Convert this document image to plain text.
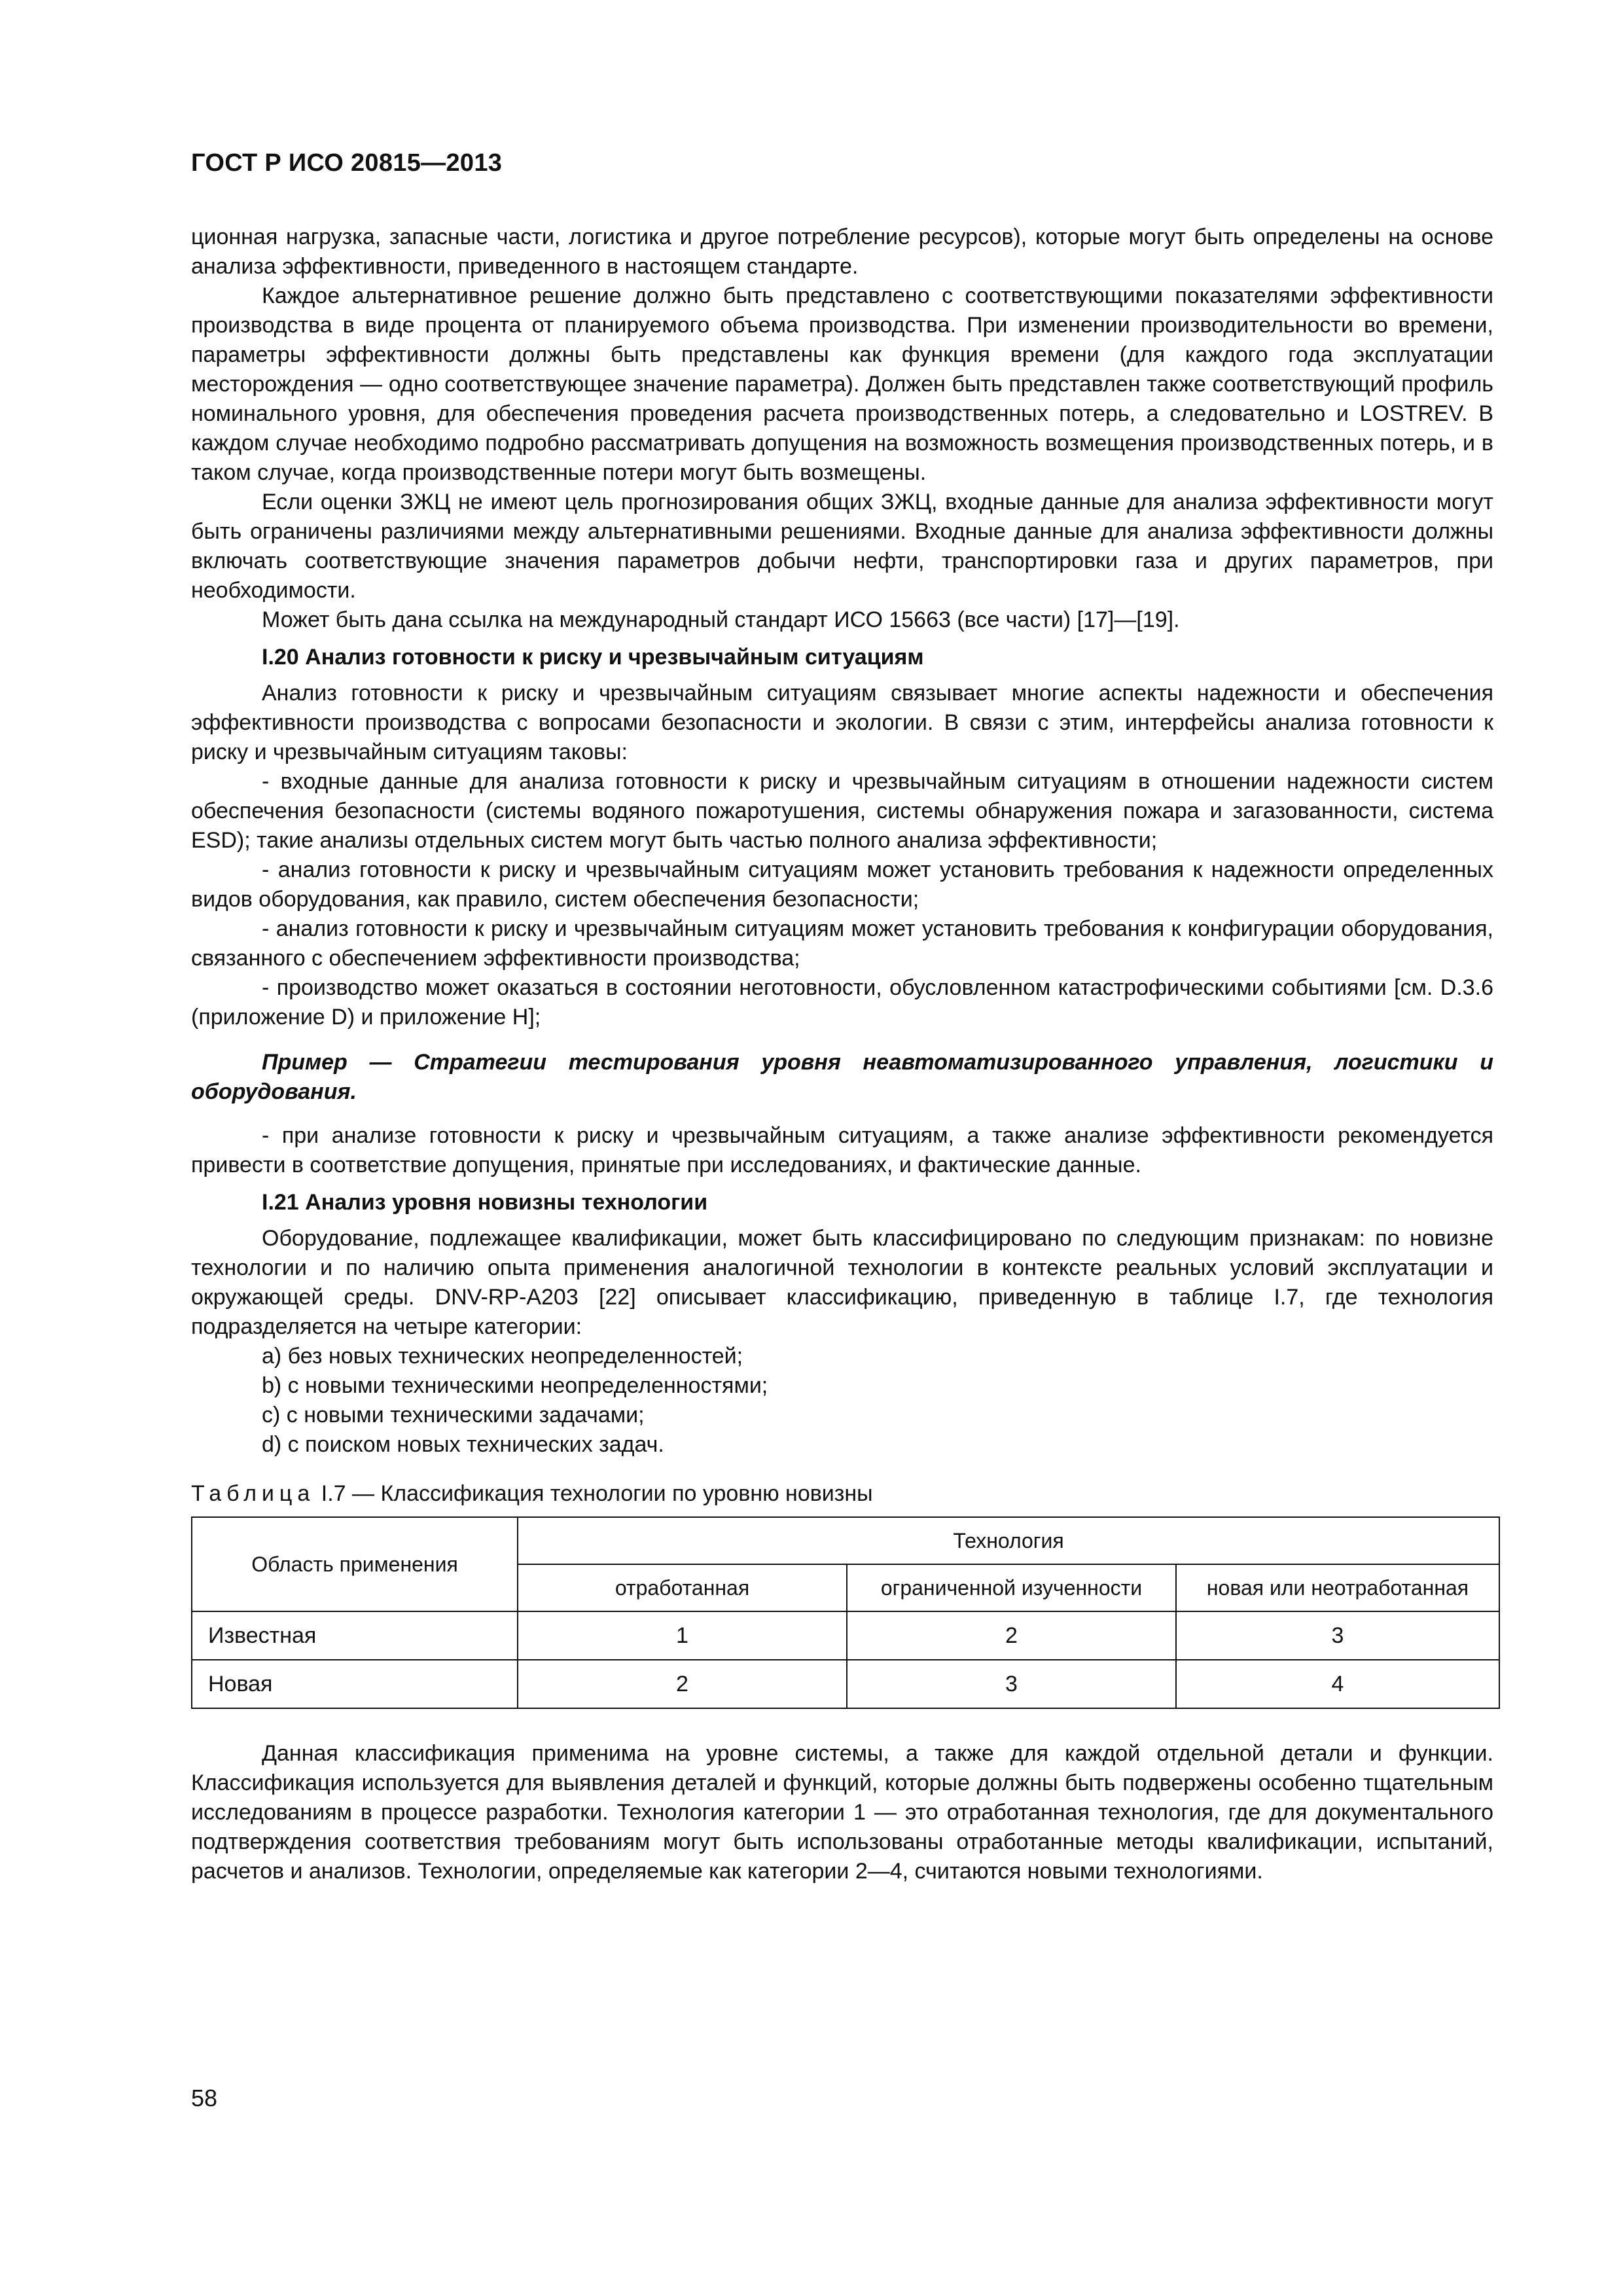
ГОСТ Р ИСО 20815—2013

ционная нагрузка, запасные части, логистика и другое потребление ресурсов), которые могут быть определены на основе анализа эффективности, приведенного в настоящем стандарте.

Каждое альтернативное решение должно быть представлено с соответствующими показателями эффективности производства в виде процента от планируемого объема производства. При изменении производительности во времени, параметры эффективности должны быть представлены как функция времени (для каждого года эксплуатации месторождения — одно соответствующее значение параметра). Должен быть представлен также соответствующий профиль номинального уровня, для обеспечения проведения расчета производственных потерь, а следовательно и LOSTREV. В каждом случае необходимо подробно рассматривать допущения на возможность возмещения производственных потерь, и в таком случае, когда производственные потери могут быть возмещены.

Если оценки ЗЖЦ не имеют цель прогнозирования общих ЗЖЦ, входные данные для анализа эффективности могут быть ограничены различиями между альтернативными решениями. Входные данные для анализа эффективности должны включать соответствующие значения параметров добычи нефти, транспортировки газа и других параметров, при необходимости.

Может быть дана ссылка на международный стандарт ИСО 15663 (все части) [17]—[19].

I.20 Анализ готовности к риску и чрезвычайным ситуациям

Анализ готовности к риску и чрезвычайным ситуациям связывает многие аспекты надежности и обеспечения эффективности производства с вопросами безопасности и экологии. В связи с этим, интерфейсы анализа готовности к риску и чрезвычайным ситуациям таковы:

- входные данные для анализа готовности к риску и чрезвычайным ситуациям в отношении надежности систем обеспечения безопасности (системы водяного пожаротушения, системы обнаружения пожара и загазованности, система ESD); такие анализы отдельных систем могут быть частью полного анализа эффективности;

- анализ готовности к риску и чрезвычайным ситуациям может установить требования к надежности определенных видов оборудования, как правило, систем обеспечения безопасности;

- анализ готовности к риску и чрезвычайным ситуациям может установить требования к конфигурации оборудования, связанного с обеспечением эффективности производства;

- производство может оказаться в состоянии неготовности, обусловленном катастрофическими событиями [см. D.3.6 (приложение D) и приложение H];

Пример — Стратегии тестирования уровня неавтоматизированного управления, логистики и оборудования.

- при анализе готовности к риску и чрезвычайным ситуациям, а также анализе эффективности рекомендуется привести в соответствие допущения, принятые при исследованиях, и фактические данные.

I.21 Анализ уровня новизны технологии

Оборудование, подлежащее квалификации, может быть классифицировано по следующим признакам: по новизне технологии и по наличию опыта применения аналогичной технологии в контексте реальных условий эксплуатации и окружающей среды. DNV-RP-A203 [22] описывает классификацию, приведенную в таблице I.7, где технология подразделяется на четыре категории:

a) без новых технических неопределенностей;

b) с новыми техническими неопределенностями;

c) с новыми техническими задачами;

d) с поиском новых технических задач.

Таблица I.7 — Классификация технологии по уровню новизны
Область применения	Технология		
	отработанная	ограниченной изученности	новая или неотработанная
Известная	1	2	3
Новая	2	3	4

Данная классификация применима на уровне системы, а также для каждой отдельной детали и функции. Классификация используется для выявления деталей и функций, которые должны быть подвержены особенно тщательным исследованиям в процессе разработки. Технология категории 1 — это отработанная технология, где для документального подтверждения соответствия требованиям могут быть использованы отработанные методы квалификации, испытаний, расчетов и анализов. Технологии, определяемые как категории 2—4, считаются новыми технологиями.

58
